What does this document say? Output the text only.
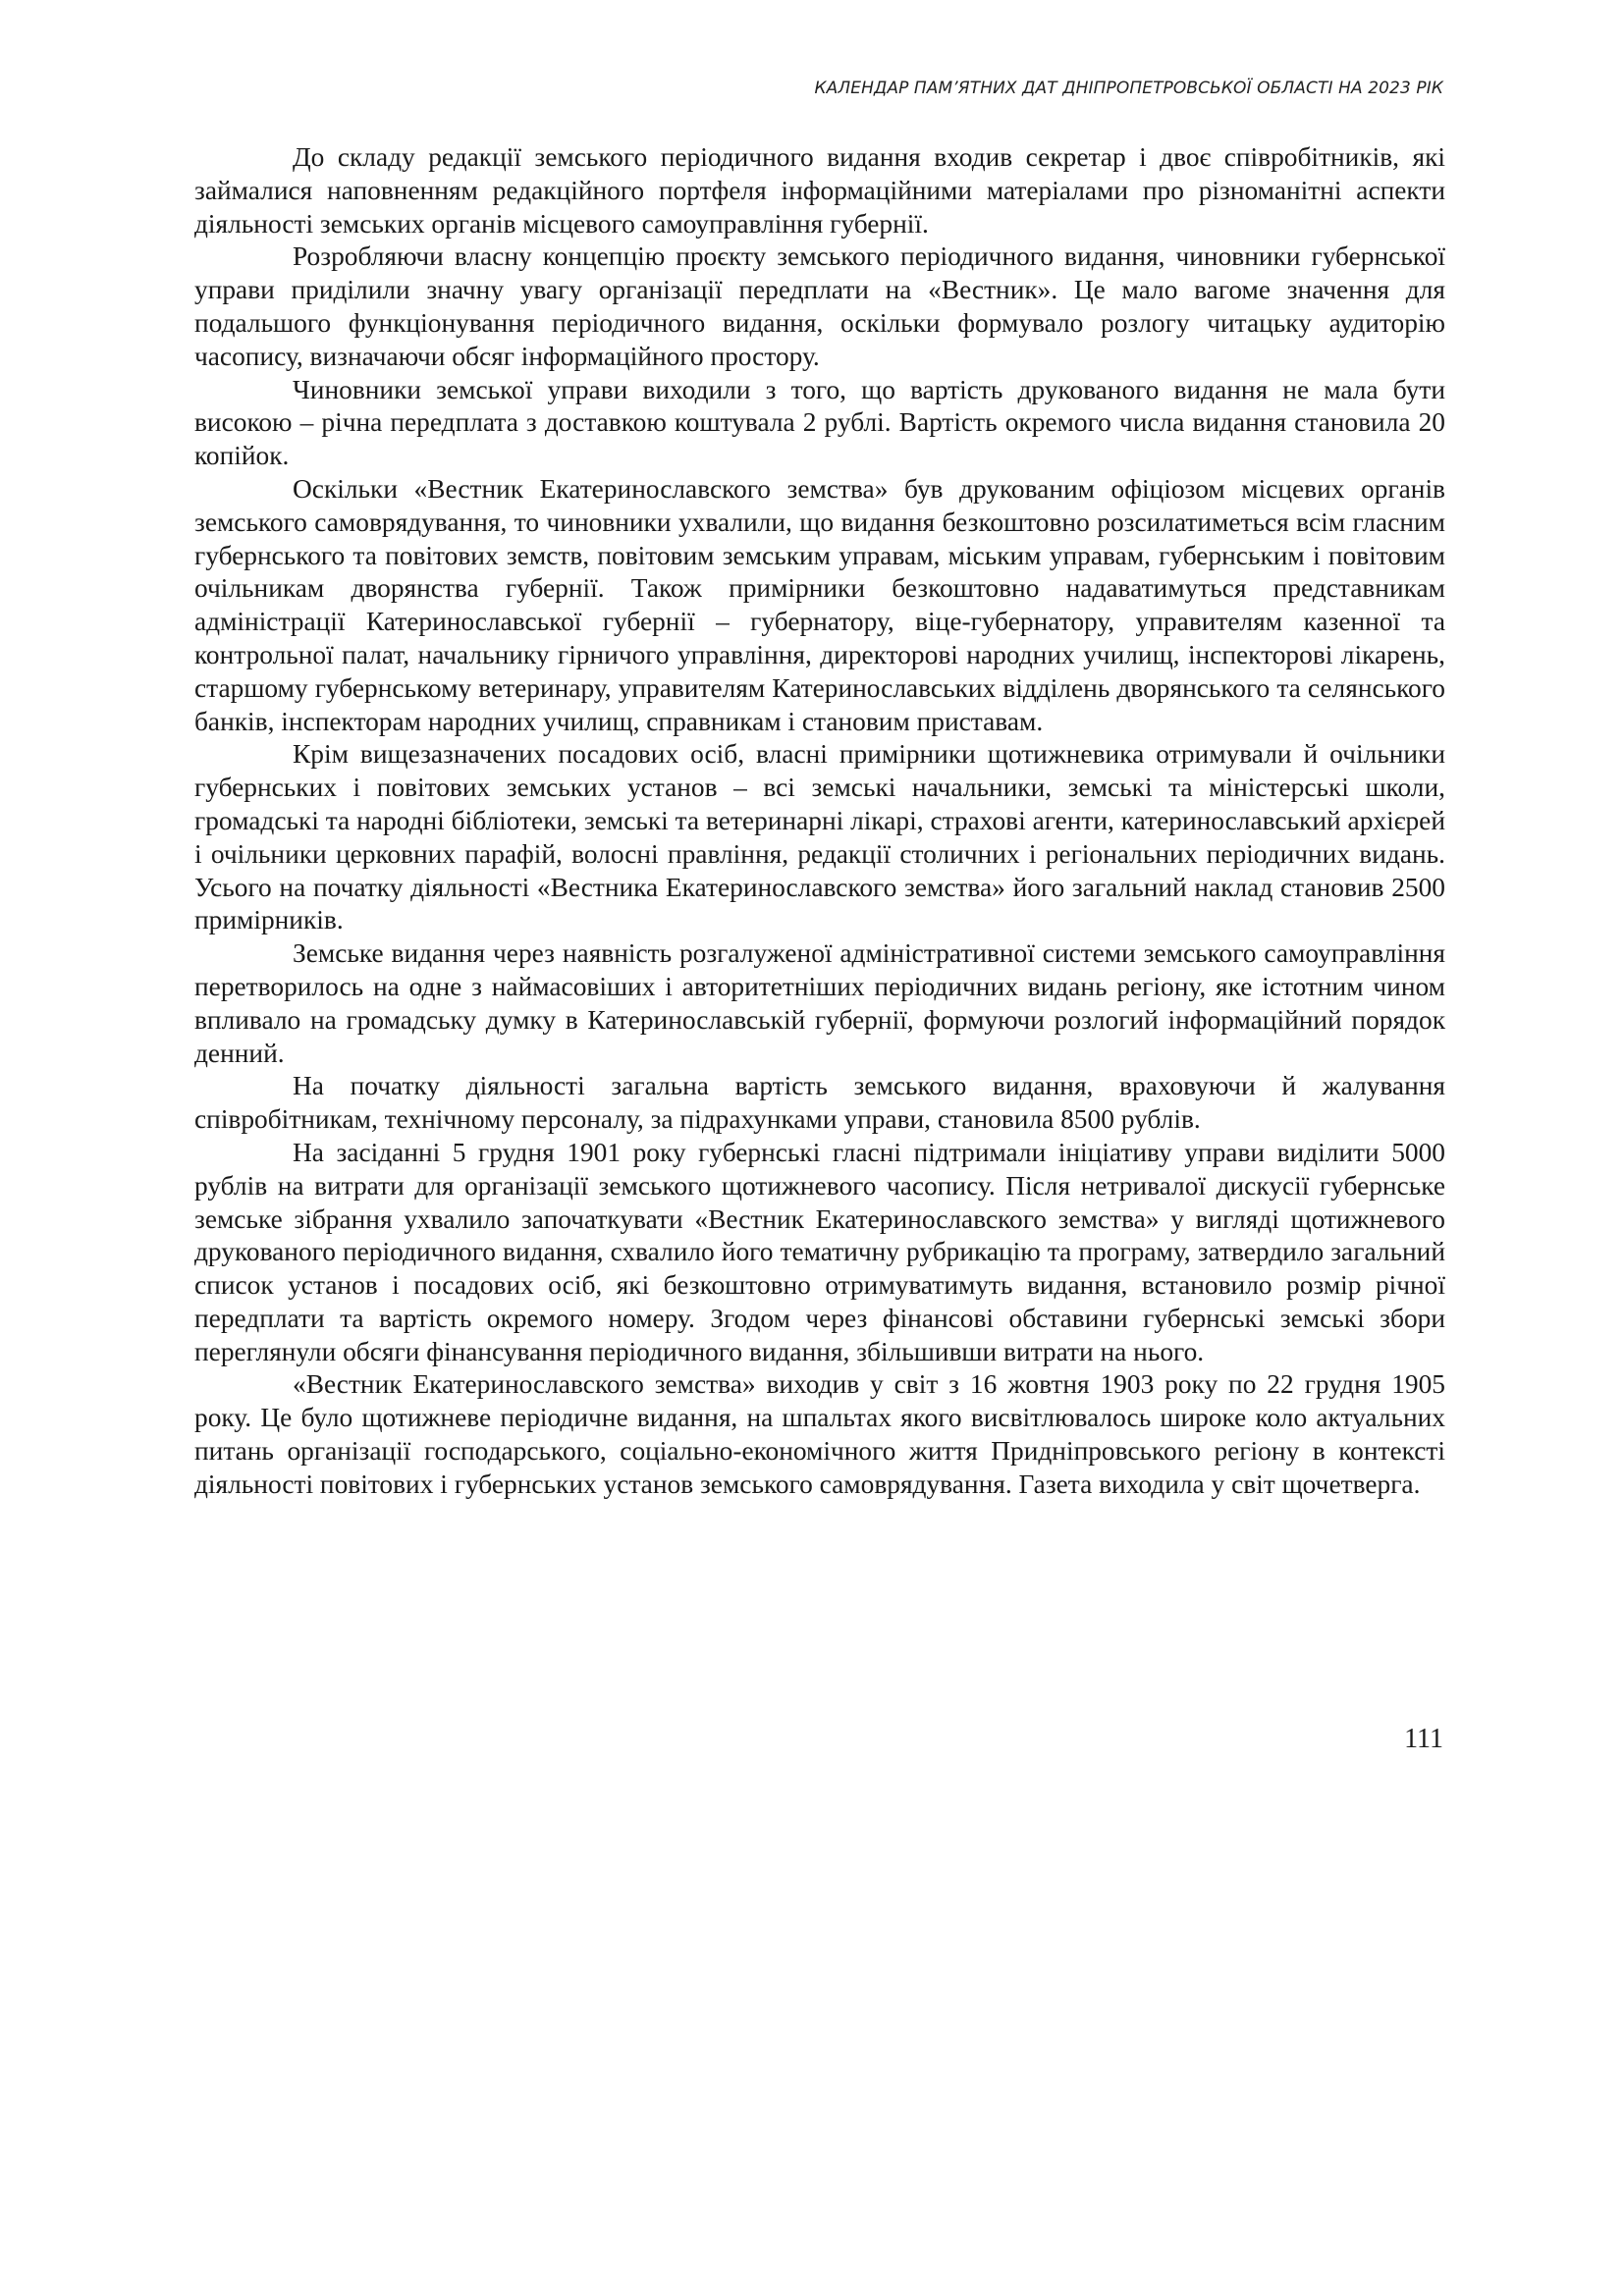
КАЛЕНДАР ПАМ’ЯТНИХ ДАТ ДНІПРОПЕТРОВСЬКОЇ ОБЛАСТІ НА 2023 РІК

До складу редакції земського періодичного видання входив секретар і двоє співробітників, які займалися наповненням редакційного портфеля інформаційними матеріалами про різноманітні аспекти діяльності земських органів місцевого самоуправління губернії.

Розробляючи власну концепцію проєкту земського періодичного видання, чиновники губернської управи приділили значну увагу організації передплати на «Вестник». Це мало вагоме значення для подальшого функціонування періодичного видання, оскільки формувало розлогу читацьку аудиторію часопису, визначаючи обсяг інформаційного простору.

Чиновники земської управи виходили з того, що вартість друкованого видання не мала бути високою – річна передплата з доставкою коштувала 2 рублі. Вартість окремого числа видання становила 20 копійок.

Оскільки «Вестник Екатеринославского земства» був друкованим офіціозом місцевих органів земського самоврядування, то чиновники ухвалили, що видання безкоштовно розсилатиметься всім гласним губернського та повітових земств, повітовим земським управам, міським управам, губернським і повітовим очільникам дворянства губернії. Також примірники безкоштовно надаватимуться представникам адміністрації Катеринославської губернії – губернатору, віце-губернатору, управителям казенної та контрольної палат, начальнику гірничого управління, директорові народних училищ, інспекторові лікарень, старшому губернському ветеринару, управителям Катеринославських відділень дворянського та селянського банків, інспекторам народних училищ, справникам і становим приставам.

Крім вищезазначених посадових осіб, власні примірники щотижневика отримували й очільники губернських і повітових земських установ – всі земські начальники, земські та міністерські школи, громадські та народні бібліотеки, земські та ветеринарні лікарі, страхові агенти, катеринославський архієрей і очільники церковних парафій, волосні правління, редакції столичних і регіональних періодичних видань. Усього на початку діяльності «Вестника Екатеринославского земства» його загальний наклад становив 2500 примірників.

Земське видання через наявність розгалуженої адміністративної системи земського самоуправління перетворилось на одне з наймасовіших і авторитетніших періодичних видань регіону, яке істотним чином впливало на громадську думку в Катеринославській губернії, формуючи розлогий інформаційний порядок денний.

На початку діяльності загальна вартість земського видання, враховуючи й жалування співробітникам, технічному персоналу, за підрахунками управи, становила 8500 рублів.

На засіданні 5 грудня 1901 року губернські гласні підтримали ініціативу управи виділити 5000 рублів на витрати для організації земського щотижневого часопису. Після нетривалої дискусії губернське земське зібрання ухвалило започаткувати «Вестник Екатеринославского земства» у вигляді щотижневого друкованого періодичного видання, схвалило його тематичну рубрикацію та програму, затвердило загальний список установ і посадових осіб, які безкоштовно отримуватимуть видання, встановило розмір річної передплати та вартість окремого номеру. Згодом через фінансові обставини губернські земські збори переглянули обсяги фінансування періодичного видання, збільшивши витрати на нього.

«Вестник Екатеринославского земства» виходив у світ з 16 жовтня 1903 року по 22 грудня 1905 року. Це було щотижневе періодичне видання, на шпальтах якого висвітлювалось широке коло актуальних питань організації господарського, соціально-економічного життя Придніпровського регіону в контексті діяльності повітових і губернських установ земського самоврядування. Газета виходила у світ щочетверга.

111
